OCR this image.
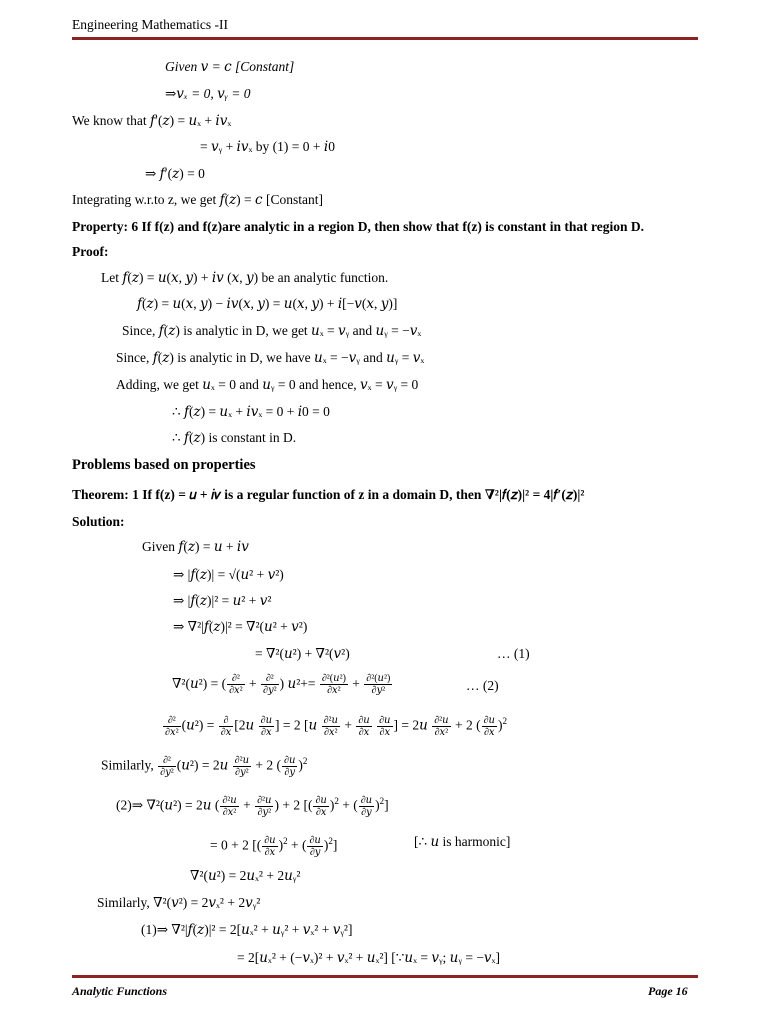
Engineering Mathematics -II
Given 𝑣 = 𝑐 [Constant]
⇒𝑣ₓ = 0, 𝑣ᵧ = 0
We know that 𝑓′(𝑧) = 𝑢ₓ + 𝑖𝑣ₓ
= 𝑣ᵧ + 𝑖𝑣ₓ by (1) = 0 + 𝑖0
⇒ 𝑓′(𝑧) = 0
Integrating w.r.to z, we get 𝑓(𝑧) = 𝑐 [Constant]
Property: 6 If f(z) and f(z)are analytic in a region D, then show that f(z) is constant in that region D.
Proof:
Let 𝑓(𝑧) = 𝑢(𝑥, 𝑦) + 𝑖𝑣 (𝑥, 𝑦) be an analytic function.
𝑓(𝑧) = 𝑢(𝑥, 𝑦) − 𝑖𝑣(𝑥, 𝑦) = 𝑢(𝑥, 𝑦) + 𝑖[−𝑣(𝑥, 𝑦)]
Since, 𝑓(𝑧) is analytic in D, we get 𝑢ₓ = 𝑣ᵧ and 𝑢ᵧ = −𝑣ₓ
Since, 𝑓(𝑧) is analytic in D, we have 𝑢ₓ = −𝑣ᵧ and 𝑢ᵧ = 𝑣ₓ
Adding, we get 𝑢ₓ = 0 and 𝑢ᵧ = 0 and hence, 𝑣ₓ = 𝑣ᵧ = 0
∴ 𝑓(𝑧) = 𝑢ₓ + 𝑖𝑣ₓ = 0 + 𝑖0 = 0
∴ 𝑓(𝑧) is constant in D.
Problems based on properties
Theorem: 1 If f(z) = 𝑢 + 𝑖𝑣 is a regular function of z in a domain D, then ∇²|𝑓(𝑧)|² = 4|𝑓′(𝑧)|²
Solution:
Given 𝑓(𝑧) = 𝑢 + 𝑖𝑣
⇒ |𝑓(𝑧)| = √(𝑢² + 𝑣²)
⇒ |𝑓(𝑧)|² = 𝑢² + 𝑣²
⇒ ∇²|𝑓(𝑧)|² = ∇²(𝑢² + 𝑣²)
= ∇²(𝑢²) + ∇²(𝑣²)	… (1)
∇²(𝑢²) = ( $\frac{\text{∂²}}{\text{∂𝑥²}} + \frac{\text{∂²}}{\text{∂𝑦²}}$ ) 𝑢²+= $\frac{\text{∂²(𝑢²)}}{\text{∂𝑥²}} + \frac{\text{∂²(𝑢²)}}{\text{∂𝑦²}}$	… (2)
$\frac{\text{∂²}}{\text{∂𝑥²}}$ (𝑢²) = $\frac{\partial}{\text{∂𝑥}}$ [2𝑢 $\frac{\text{∂𝑢}}{\text{∂𝑥}}$ ] = 2 [𝑢 $\frac{\text{∂²𝑢}}{\text{∂𝑥²}} + \frac{\text{∂𝑢}}{\text{∂𝑥}}$
$\frac{\text{∂𝑢}}{\text{∂𝑥}}$ ] = 2𝑢 $\frac{\text{∂²𝑢}}{\text{∂𝑥²}} + 2$ ( $\frac{\text{∂𝑢}}{\text{∂𝑥}} )^2$
Similarly, $\frac{\text{∂²}}{\text{∂𝑦²}}$ (𝑢²) = 2𝑢 $\frac{\text{∂²𝑢}}{\text{∂𝑦²}} + 2$ ( $\frac{\text{∂𝑢}}{\text{∂𝑦}} )^2$
(2)⇒ ∇²(𝑢²) = 2𝑢 ( $\frac{\text{∂²𝑢}}{\text{∂𝑥²}} + \frac{\text{∂²𝑢}}{\text{∂𝑦²}}$ ) + 2 [( $\frac{\text{∂𝑢}}{\text{∂𝑥}} )^2$ + ( $\frac{\text{∂𝑢}}{\text{∂𝑦}} )^2$]
= 0 + 2 [( $\frac{\text{∂𝑢}}{\text{∂𝑥}} )^2$ + ( $\frac{\text{∂𝑢}}{\text{∂𝑦}} )^2$]	[∴ 𝑢 is harmonic]
∇²(𝑢²) = 2𝑢ₓ² + 2𝑢ᵧ²
Similarly, ∇²(𝑣²) = 2𝑣ₓ² + 2𝑣ᵧ²
(1)⇒ ∇²|𝑓(𝑧)|² = 2[𝑢ₓ² + 𝑢ᵧ² + 𝑣ₓ² + 𝑣ᵧ²]
= 2[𝑢ₓ² + (−𝑣ₓ)² + 𝑣ₓ² + 𝑢ₓ²] [∵𝑢ₓ = 𝑣ᵧ; 𝑢ᵧ = −𝑣ₓ]
Analytic Functions	Page 16
